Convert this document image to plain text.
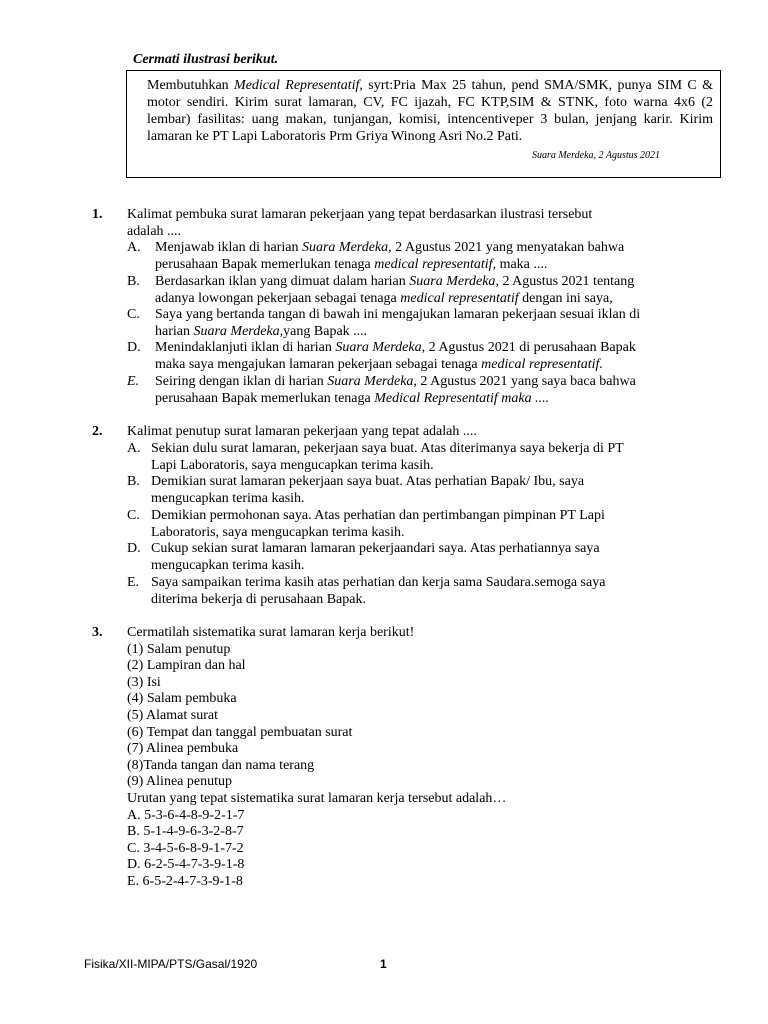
Cermati ilustrasi berikut.
Membutuhkan Medical Representatif, syrt:Pria Max 25 tahun, pend SMA/SMK, punya SIM C & motor sendiri. Kirim surat lamaran, CV, FC ijazah, FC KTP,SIM & STNK, foto warna 4x6 (2 lembar) fasilitas: uang makan, tunjangan, komisi, intencentiveper 3 bulan, jenjang karir. Kirim lamaran ke PT Lapi Laboratoris Prm Griya Winong Asri No.2 Pati.
Suara Merdeka, 2 Agustus 2021
1. Kalimat pembuka surat lamaran pekerjaan yang tepat berdasarkan ilustrasi tersebut
adalah ....
A. Menjawab iklan di harian Suara Merdeka, 2 Agustus 2021 yang menyatakan bahwa
perusahaan Bapak memerlukan tenaga medical representatif, maka ....
B. Berdasarkan iklan yang dimuat dalam harian Suara Merdeka, 2 Agustus 2021 tentang
adanya lowongan pekerjaan sebagai tenaga medical representatif dengan ini saya,
C. Saya yang bertanda tangan di bawah ini mengajukan lamaran pekerjaan sesuai iklan di
harian Suara Merdeka,yang Bapak ....
D. Menindaklanjuti iklan di harian Suara Merdeka, 2 Agustus 2021 di perusahaan Bapak
maka saya mengajukan lamaran pekerjaan sebagai tenaga medical representatif.
E. Seiring dengan iklan di harian Suara Merdeka, 2 Agustus 2021 yang saya baca bahwa
perusahaan Bapak memerlukan tenaga Medical Representatif maka ....
2. Kalimat penutup surat lamaran pekerjaan yang tepat adalah ....
A. Sekian dulu surat lamaran, pekerjaan saya buat. Atas diterimanya saya bekerja di PT
Lapi Laboratoris, saya mengucapkan terima kasih.
B. Demikian surat lamaran pekerjaan saya buat. Atas perhatian Bapak/ Ibu, saya
mengucapkan terima kasih.
C. Demikian permohonan saya. Atas perhatian dan pertimbangan pimpinan PT Lapi
Laboratoris, saya mengucapkan terima kasih.
D. Cukup sekian surat lamaran lamaran pekerjaandari saya. Atas perhatiannya saya
mengucapkan terima kasih.
E. Saya sampaikan terima kasih atas perhatian dan kerja sama Saudara.semoga saya
diterima bekerja di perusahaan Bapak.
3. Cermatilah sistematika surat lamaran kerja berikut!
(1) Salam penutup
(2) Lampiran dan hal
(3) Isi
(4) Salam pembuka
(5) Alamat surat
(6) Tempat dan tanggal pembuatan surat
(7) Alinea pembuka
(8)Tanda tangan dan nama terang
(9) Alinea penutup
Urutan yang tepat sistematika surat lamaran kerja tersebut adalah…
A. 5-3-6-4-8-9-2-1-7
B. 5-1-4-9-6-3-2-8-7
C. 3-4-5-6-8-9-1-7-2
D. 6-2-5-4-7-3-9-1-8
E. 6-5-2-4-7-3-9-1-8
Fisika/XII-MIPA/PTS/Gasal/1920	1
